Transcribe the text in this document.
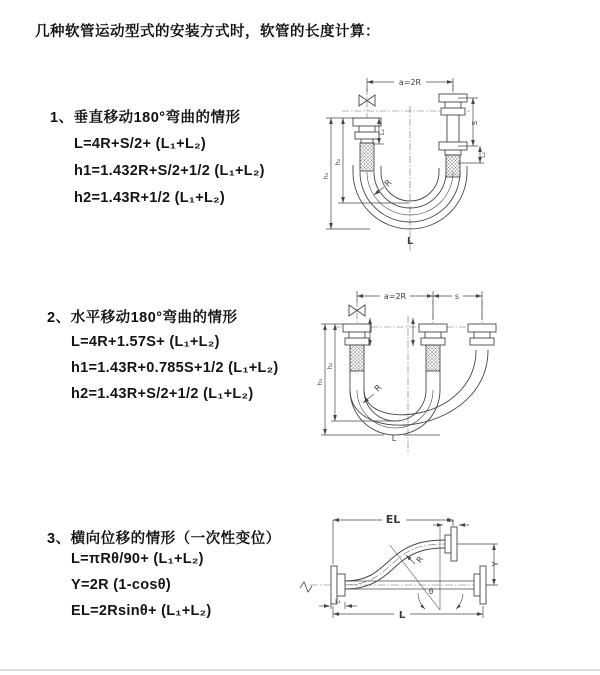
几种软管运动型式的安装方式时，软管的长度计算：
1、垂直移动180°弯曲的情形
L=4R+S/2+ (L₁+L₂)
h1=1.432R+S/2+1/2 (L₁+L₂)
h2=1.43R+1/2 (L₁+L₂)
2、水平移动180°弯曲的情形
L=4R+1.57S+ (L₁+L₂)
h1=1.43R+0.785S+1/2 (L₁+L₂)
h2=1.43R+S/2+1/2 (L₁+L₂)
3、横向位移的情形（一次性变位）
L=πRθ/90+ (L₁+L₂)
Y=2R (1-cosθ)
EL=2Rsinθ+ (L₁+L₂)
a=2R
L₁
h₁
h₂
S
L₂
R
L
a=2R	s
h₁
h₂
R
L
EL	L₂
L₁
L
Y
R
θ
